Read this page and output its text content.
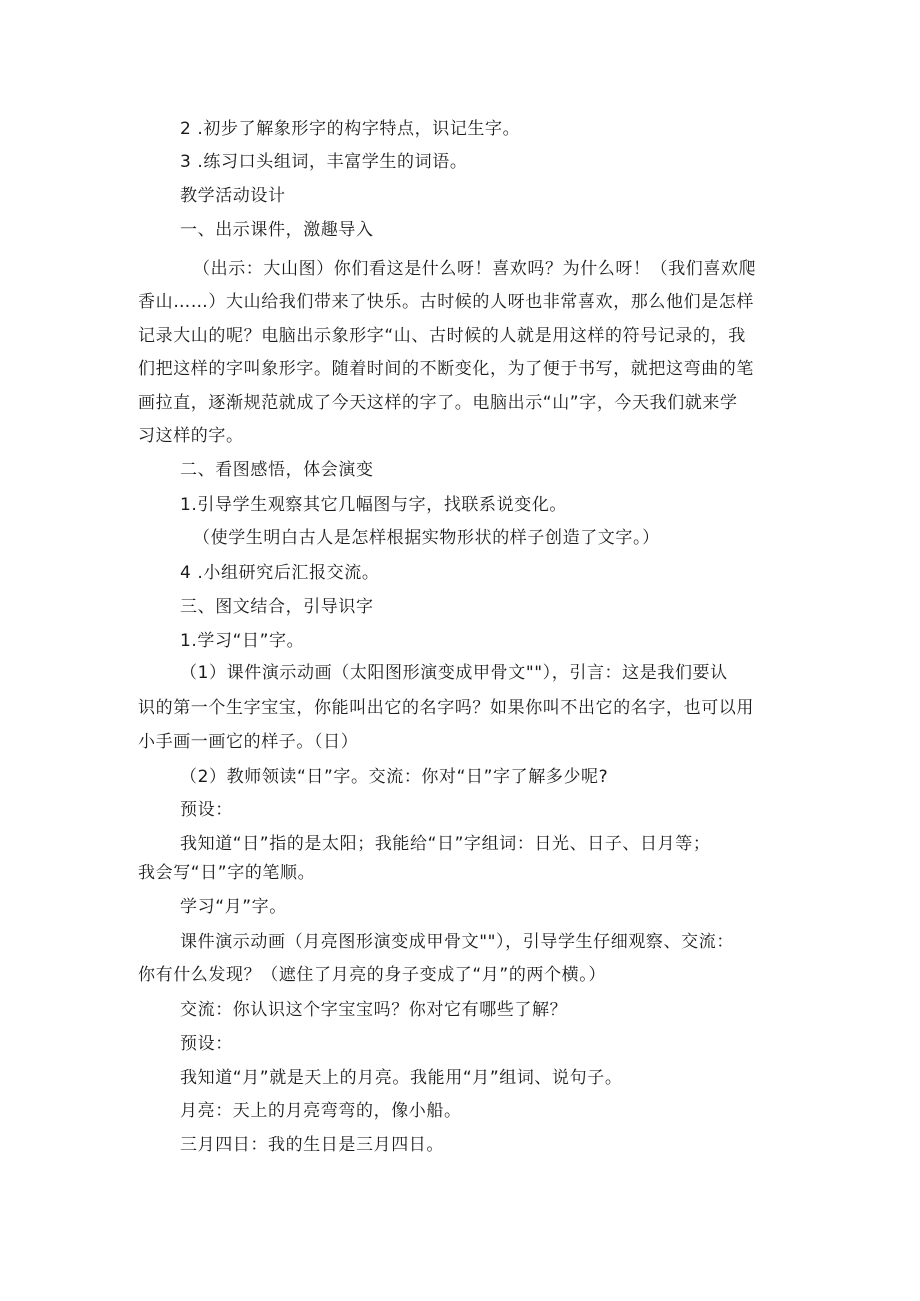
2 .初步了解象形字的构字特点，识记生字。
3 .练习口头组词，丰富学生的词语。
教学活动设计
一、出示课件，激趣导入
（出示：大山图）你们看这是什么呀！喜欢吗？为什么呀！（我们喜欢爬
香山……）大山给我们带来了快乐。古时候的人呀也非常喜欢，那么他们是怎样
记录大山的呢？电脑出示象形字“山、古时候的人就是用这样的符号记录的，我
们把这样的字叫象形字。随着时间的不断变化，为了便于书写，就把这弯曲的笔
画拉直，逐渐规范就成了今天这样的字了。电脑出示“山”字，今天我们就来学
习这样的字。
二、看图感悟，体会演变
1.引导学生观察其它几幅图与字，找联系说变化。
（使学生明白古人是怎样根据实物形状的样子创造了文字。）
4 .小组研究后汇报交流。
三、图文结合，引导识字
1.学习“日”字。
（1）课件演示动画（太阳图形演变成甲骨文""），引言：这是我们要认
识的第一个生字宝宝，你能叫出它的名字吗？如果你叫不出它的名字，也可以用
小手画一画它的样子。（日）
（2）教师领读“日”字。交流：你对“日”字了解多少呢?
预设：
我知道“日”指的是太阳；我能给“日”字组词：日光、日子、日月等；
我会写“日”字的笔顺。
学习“月”字。
课件演示动画（月亮图形演变成甲骨文""），引导学生仔细观察、交流：
你有什么发现？（遮住了月亮的身子变成了“月”的两个横。）
交流：你认识这个字宝宝吗？你对它有哪些了解？
预设：
我知道“月”就是天上的月亮。我能用“月”组词、说句子。
月亮：天上的月亮弯弯的，像小船。
三月四日：我的生日是三月四日。
